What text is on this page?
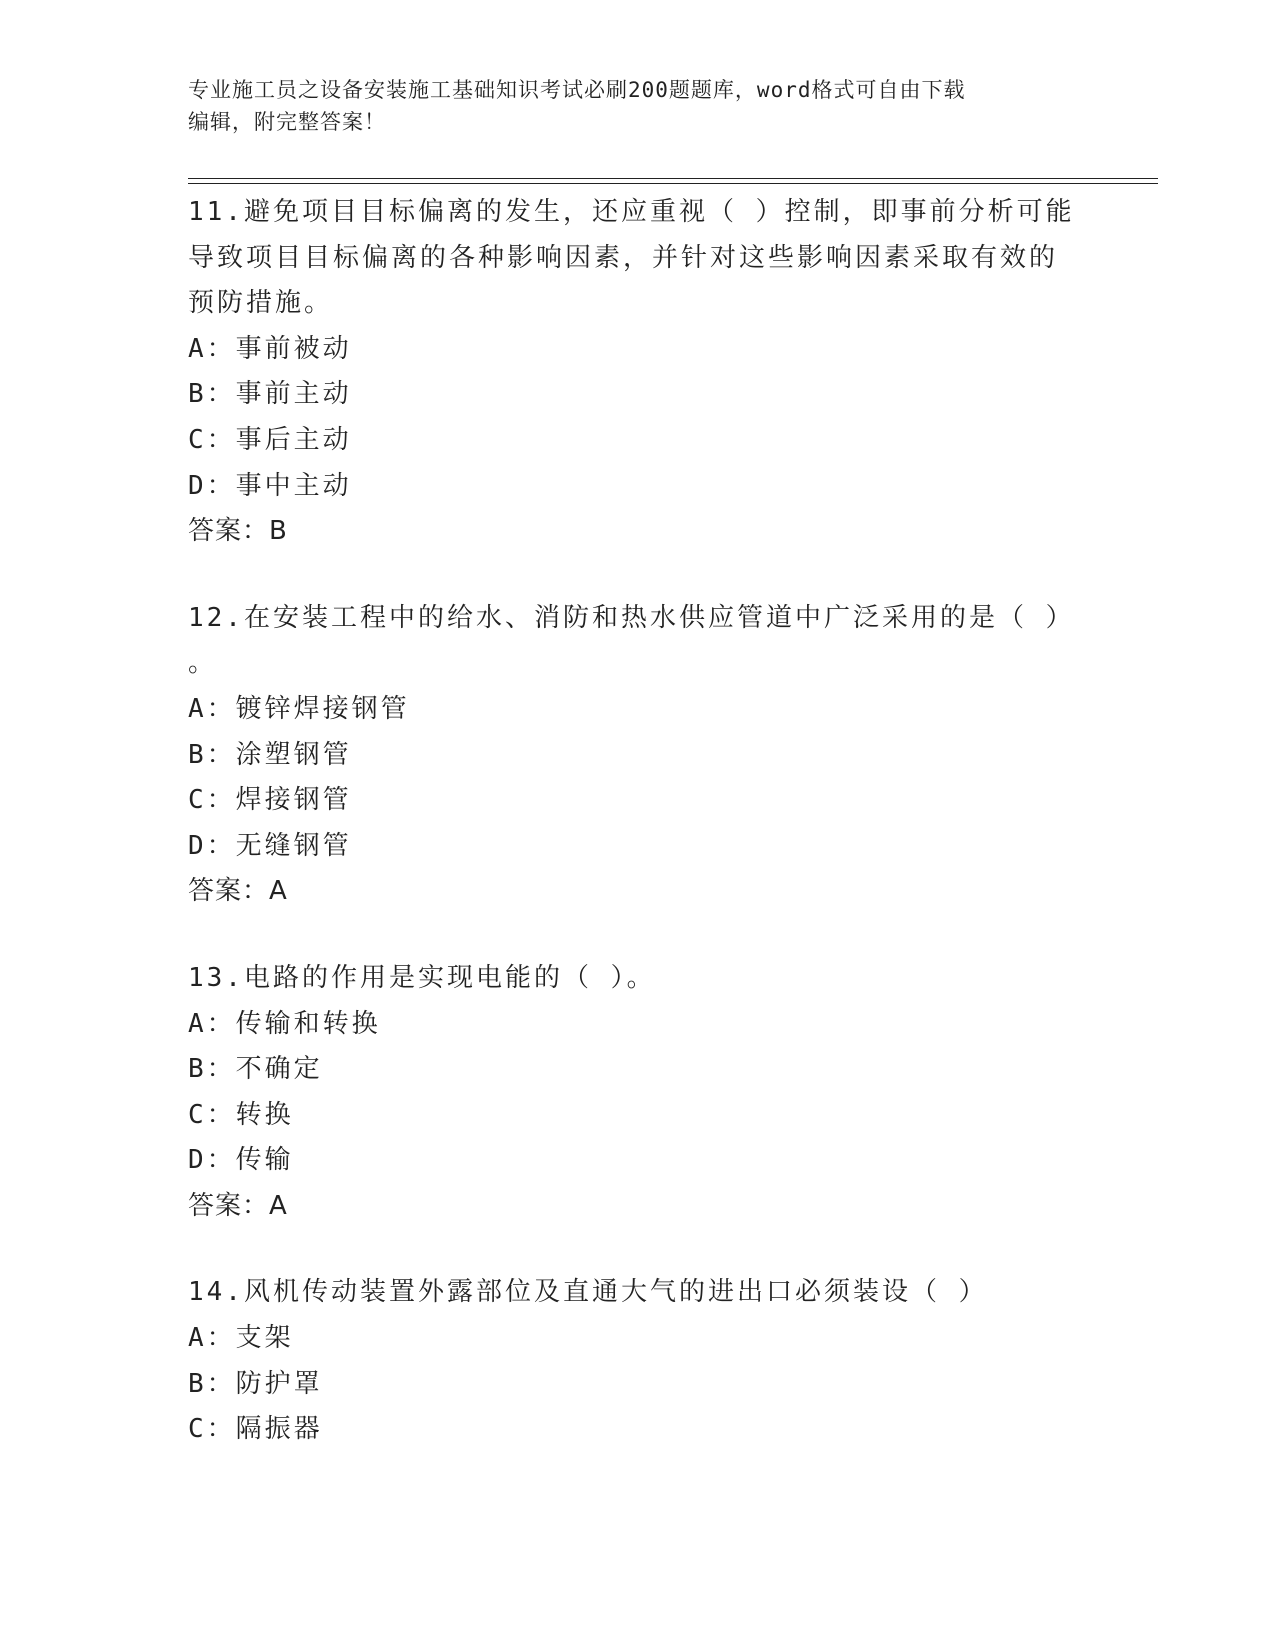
专业施工员之设备安装施工基础知识考试必刷200题题库，word格式可自由下载
编辑，附完整答案！
11.避免项目目标偏离的发生，还应重视（ ）控制，即事前分析可能
导致项目目标偏离的各种影响因素，并针对这些影响因素采取有效的
预防措施。
A：事前被动
B：事前主动
C：事后主动
D：事中主动
答案：B
12.在安装工程中的给水、消防和热水供应管道中广泛采用的是（ ）
。
A：镀锌焊接钢管
B：涂塑钢管
C：焊接钢管
D：无缝钢管
答案：A
13.电路的作用是实现电能的（ ）。
A：传输和转换
B：不确定
C：转换
D：传输
答案：A
14.风机传动装置外露部位及直通大气的进出口必须装设（ ）
A：支架
B：防护罩
C：隔振器
